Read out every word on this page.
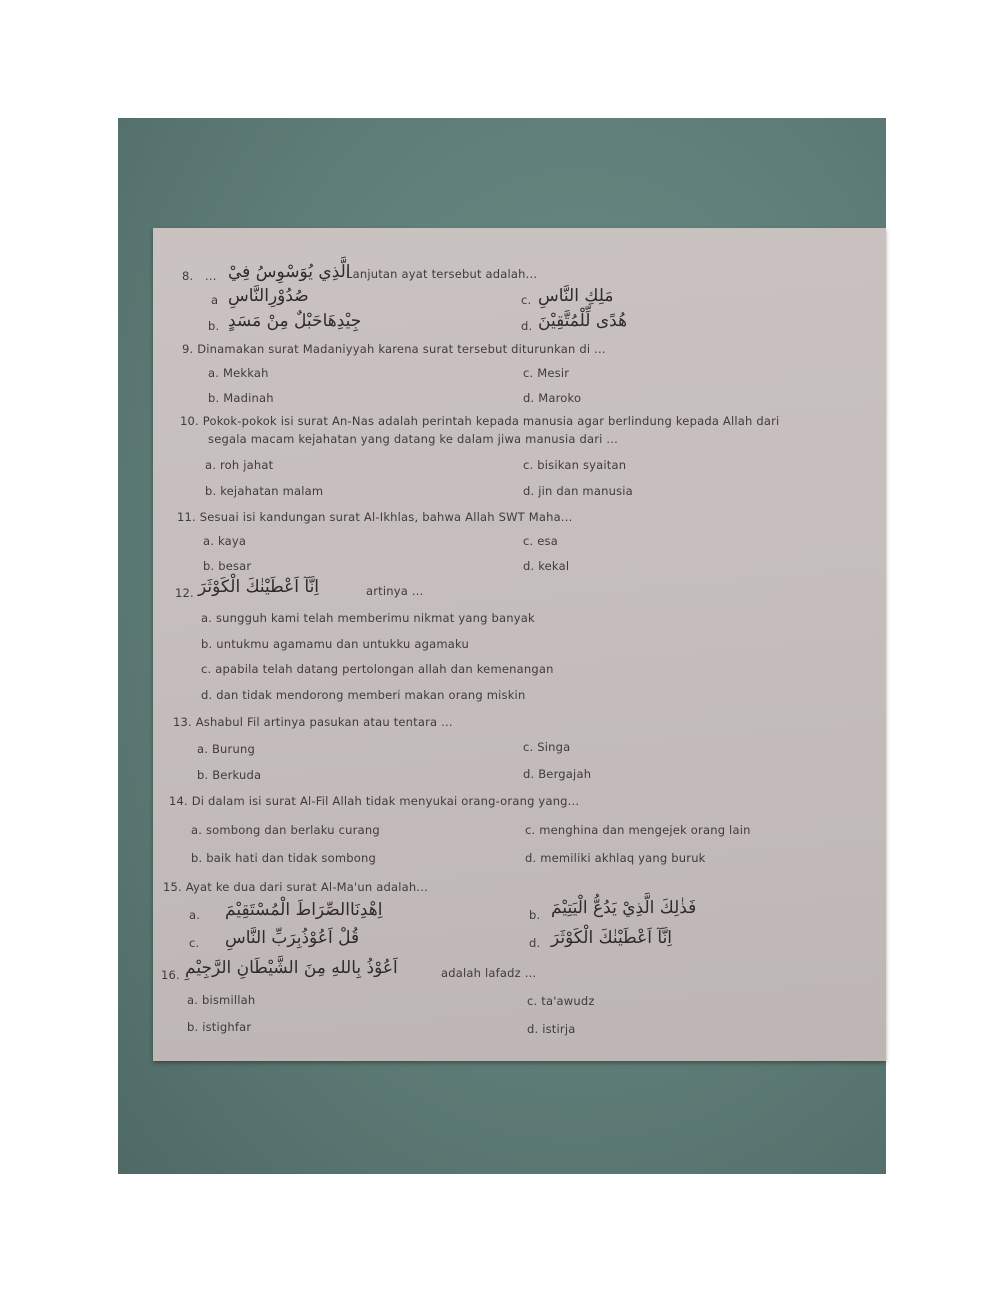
8. ... الَّذِي يُوَسْوِسُ فِيْ
Lanjutan ayat tersebut adalah...
a صُدُوْرِالنَّاسِ
b. جِيْدِهَاحَبْلٌ مِنْ مَسَدٍ
c. مَلِكِ النَّاسِ
d. هُدًى لِّلْمُتَّقِيْنَ
9. Dinamakan surat Madaniyyah karena surat tersebut diturunkan di ...
a. Mekkah
b. Madinah
c. Mesir
d. Maroko
10. Pokok-pokok isi surat An-Nas adalah perintah kepada manusia agar berlindung kepada Allah dari
segala macam kejahatan yang datang ke dalam jiwa manusia dari ...
a. roh jahat
b. kejahatan malam
c. bisikan syaitan
d. jin dan manusia
11. Sesuai isi kandungan surat Al-Ikhlas, bahwa Allah SWT Maha...
a. kaya
b. besar
c. esa
d. kekal
12. اِنَّآ اَعْطَيْنٰكَ الْكَوْثَرَ	artinya ...
a. sungguh kami telah memberimu nikmat yang banyak
b. untukmu agamamu dan untukku agamaku
c. apabila telah datang pertolongan allah dan kemenangan
d. dan tidak mendorong memberi makan orang miskin
13. Ashabul Fil artinya pasukan atau tentara ...
a. Burung
b. Berkuda
c. Singa
d. Bergajah
14. Di dalam isi surat Al-Fil Allah tidak menyukai orang-orang yang...
a. sombong dan berlaku curang
b. baik hati dan tidak sombong
c. menghina dan mengejek orang lain
d. memiliki akhlaq yang buruk
15. Ayat ke dua dari surat Al-Ma'un adalah...
a. اِهْدِنَاالصِّرَاطَ الْمُسْتَقِيْمَ
c. قُلْ اَعُوْذُبِرَبِّ النَّاسِ
b. فَذٰلِكَ الَّذِيْ يَدُعُّ الْيَتِيْمَ
d. اِنَّآ اَعْطَيْنٰكَ الْكَوْثَرَ
16. اَعُوْذُ بِاللهِ مِنَ الشَّيْطَانِ الرَّجِيْمِ	adalah lafadz ...
a. bismillah
b. istighfar
c. ta'awudz
d. istirja
